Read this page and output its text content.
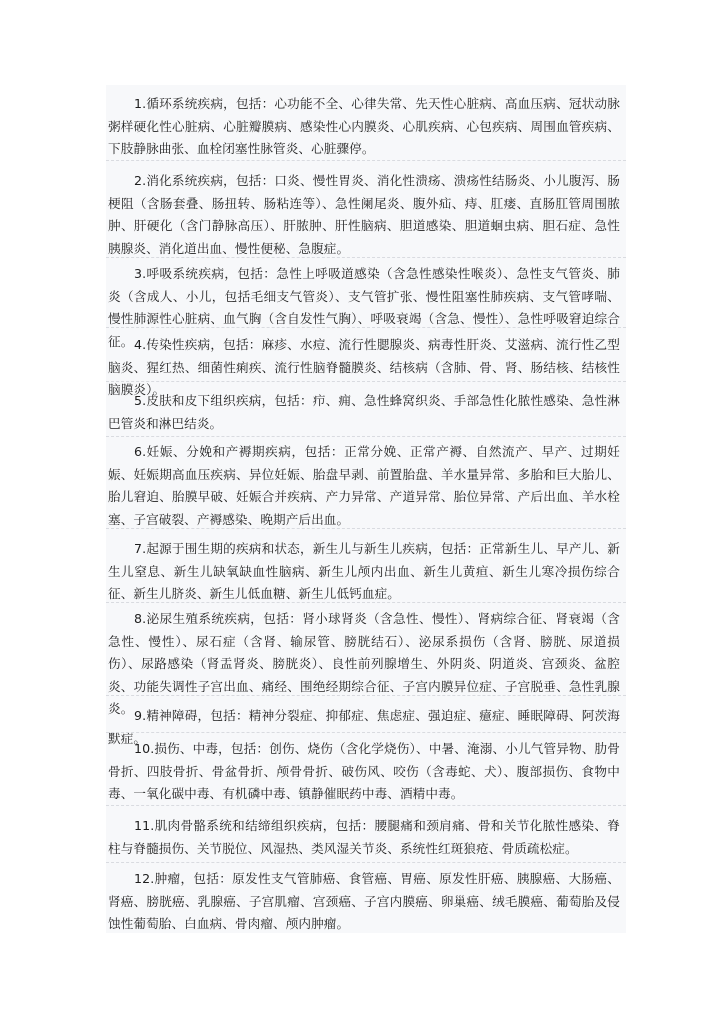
1.循环系统疾病，包括：心功能不全、心律失常、先天性心脏病、高血压病、冠状动脉粥样硬化性心脏病、心脏瓣膜病、感染性心内膜炎、心肌疾病、心包疾病、周围血管疾病、下肢静脉曲张、血栓闭塞性脉管炎、心脏骤停。

2.消化系统疾病，包括：口炎、慢性胃炎、消化性溃疡、溃疡性结肠炎、小儿腹泻、肠梗阻（含肠套叠、肠扭转、肠粘连等）、急性阑尾炎、腹外疝、痔、肛瘘、直肠肛管周围脓肿、肝硬化（含门静脉高压）、肝脓肿、肝性脑病、胆道感染、胆道蛔虫病、胆石症、急性胰腺炎、消化道出血、慢性便秘、急腹症。

3.呼吸系统疾病，包括：急性上呼吸道感染（含急性感染性喉炎）、急性支气管炎、肺炎（含成人、小儿，包括毛细支气管炎）、支气管扩张、慢性阻塞性肺疾病、支气管哮喘、慢性肺源性心脏病、血气胸（含自发性气胸）、呼吸衰竭（含急、慢性）、急性呼吸窘迫综合征。 4.传染性疾病，包括：麻疹、水痘、流行性腮腺炎、病毒性肝炎、艾滋病、流行性乙型脑炎、猩红热、细菌性痢疾、流行性脑脊髓膜炎、结核病（含肺、骨、肾、肠结核、结核性脑膜炎）。

5.皮肤和皮下组织疾病，包括：疖、痈、急性蜂窝织炎、手部急性化脓性感染、急性淋巴管炎和淋巴结炎。

6.妊娠、分娩和产褥期疾病，包括：正常分娩、正常产褥、自然流产、早产、过期妊娠、妊娠期高血压疾病、异位妊娠、胎盘早剥、前置胎盘、羊水量异常、多胎和巨大胎儿、胎儿窘迫、胎膜早破、妊娠合并疾病、产力异常、产道异常、胎位异常、产后出血、羊水栓塞、子宫破裂、产褥感染、晚期产后出血。

7.起源于围生期的疾病和状态，新生儿与新生儿疾病，包括：正常新生儿、早产儿、新生儿窒息、新生儿缺氧缺血性脑病、新生儿颅内出血、新生儿黄疸、新生儿寒冷损伤综合征、新生儿脐炎、新生儿低血糖、新生儿低钙血症。

8.泌尿生殖系统疾病，包括：肾小球肾炎（含急性、慢性）、肾病综合征、肾衰竭（含急性、慢性）、尿石症（含肾、输尿管、膀胱结石）、泌尿系损伤（含肾、膀胱、尿道损伤）、尿路感染（肾盂肾炎、膀胱炎）、良性前列腺增生、外阴炎、阴道炎、宫颈炎、盆腔炎、功能失调性子宫出血、痛经、围绝经期综合征、子宫内膜异位症、子宫脱垂、急性乳腺炎。 9.精神障碍，包括：精神分裂症、抑郁症、焦虑症、强迫症、癔症、睡眠障碍、阿茨海默症。

10.损伤、中毒，包括：创伤、烧伤（含化学烧伤）、中暑、淹溺、小儿气管异物、肋骨骨折、四肢骨折、骨盆骨折、颅骨骨折、破伤风、咬伤（含毒蛇、犬）、腹部损伤、食物中毒、一氧化碳中毒、有机磷中毒、镇静催眠药中毒、酒精中毒。

11.肌肉骨骼系统和结缔组织疾病，包括：腰腿痛和颈肩痛、骨和关节化脓性感染、脊柱与脊髓损伤、关节脱位、风湿热、类风湿关节炎、系统性红斑狼疮、骨质疏松症。

12.肿瘤，包括：原发性支气管肺癌、食管癌、胃癌、原发性肝癌、胰腺癌、大肠癌、肾癌、膀胱癌、乳腺癌、子宫肌瘤、宫颈癌、子宫内膜癌、卵巢癌、绒毛膜癌、葡萄胎及侵蚀性葡萄胎、白血病、骨肉瘤、颅内肿瘤。
